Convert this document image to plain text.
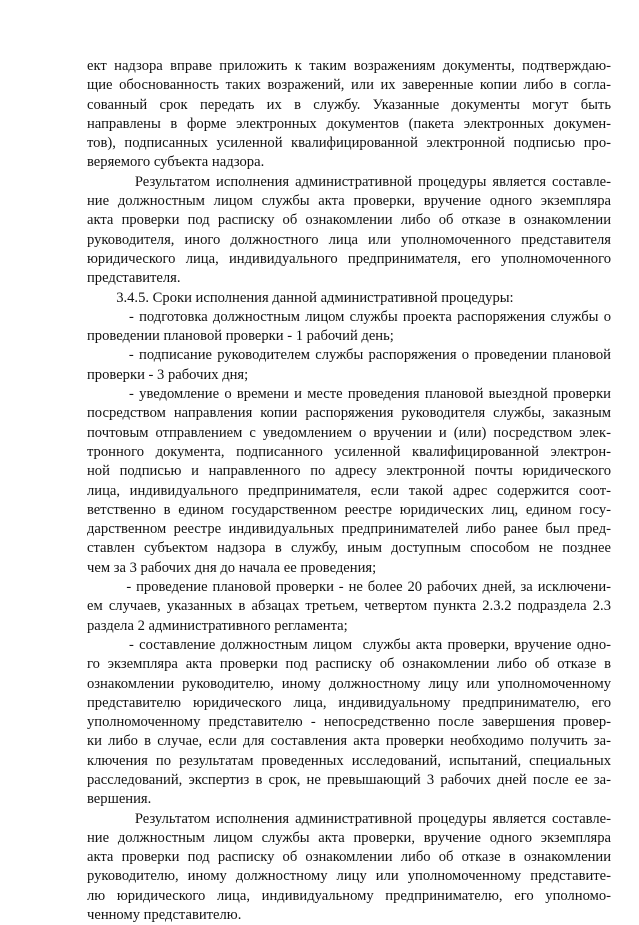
ект надзора вправе приложить к таким возражениям документы, подтверждаю-
щие обоснованность таких возражений, или их заверенные копии либо в согла-
сованный срок передать их в службу. Указанные документы могут быть
направлены в форме электронных документов (пакета электронных докумен-
тов), подписанных усиленной квалифицированной электронной подписью про-
веряемого субъекта надзора.
Результатом исполнения административной процедуры является составле-
ние должностным лицом службы акта проверки, вручение одного экземпляра
акта проверки под расписку об ознакомлении либо об отказе в ознакомлении
руководителя, иного должностного лица или уполномоченного представителя
юридического лица, индивидуального предпринимателя, его уполномоченного
представителя.
3.4.5. Сроки исполнения данной административной процедуры:
- подготовка должностным лицом службы проекта распоряжения службы о
проведении плановой проверки - 1 рабочий день;
- подписание руководителем службы распоряжения о проведении плановой
проверки - 3 рабочих дня;
- уведомление о времени и месте проведения плановой выездной проверки
посредством направления копии распоряжения руководителя службы, заказным
почтовым отправлением с уведомлением о вручении и (или) посредством элек-
тронного документа, подписанного усиленной квалифицированной электрон-
ной подписью и направленного по адресу электронной почты юридического
лица, индивидуального предпринимателя, если такой адрес содержится соот-
ветственно в едином государственном реестре юридических лиц, едином госу-
дарственном реестре индивидуальных предпринимателей либо ранее был пред-
ставлен субъектом надзора в службу, иным доступным способом не позднее
чем за 3 рабочих дня до начала ее проведения;
- проведение плановой проверки - не более 20 рабочих дней, за исключени-
ем случаев, указанных в абзацах третьем, четвертом пункта 2.3.2 подраздела 2.3
раздела 2 административного регламента;
- составление должностным лицом  службы акта проверки, вручение одно-
го экземпляра акта проверки под расписку об ознакомлении либо об отказе в
ознакомлении руководителю, иному должностному лицу или уполномоченному
представителю юридического лица, индивидуальному предпринимателю, его
уполномоченному представителю - непосредственно после завершения провер-
ки либо в случае, если для составления акта проверки необходимо получить за-
ключения по результатам проведенных исследований, испытаний, специальных
расследований, экспертиз в срок, не превышающий 3 рабочих дней после ее за-
вершения.
Результатом исполнения административной процедуры является составле-
ние должностным лицом службы акта проверки, вручение одного экземпляра
акта проверки под расписку об ознакомлении либо об отказе в ознакомлении
руководителю, иному должностному лицу или уполномоченному представите-
лю юридического лица, индивидуальному предпринимателю, его уполномо-
ченному представителю.
